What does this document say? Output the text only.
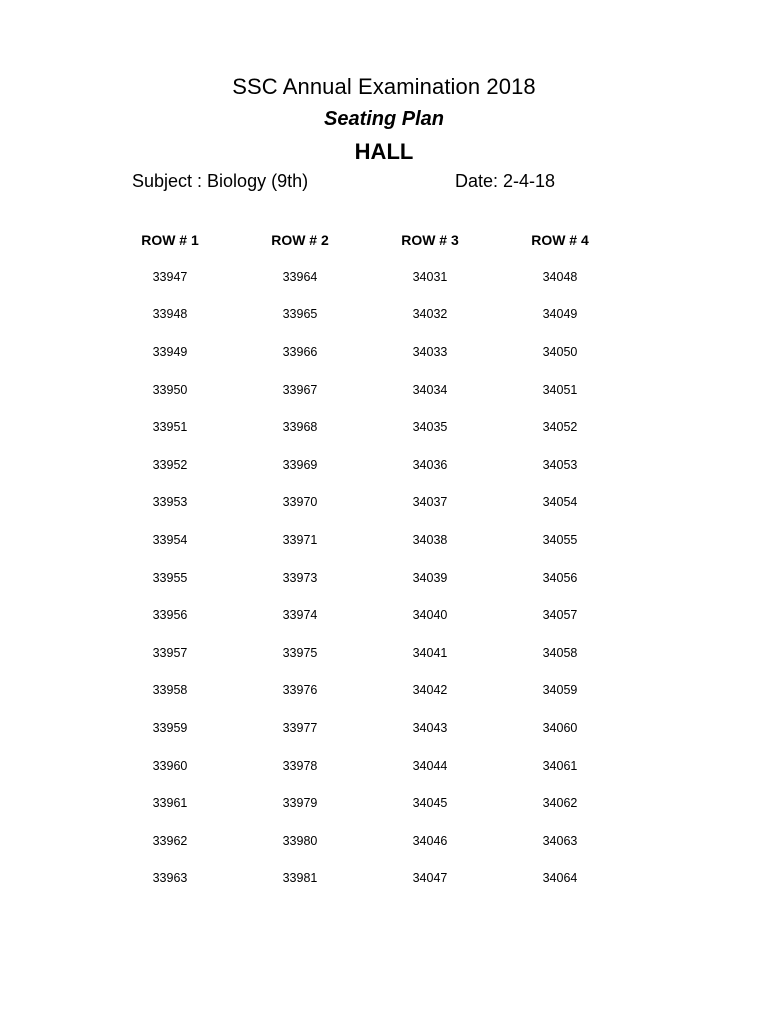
SSC Annual Examination 2018
Seating Plan
HALL
Subject : Biology (9th)	Date: 2-4-18
ROW # 1	ROW # 2	ROW # 3	ROW # 4
33947	33964	34031	34048
33948	33965	34032	34049
33949	33966	34033	34050
33950	33967	34034	34051
33951	33968	34035	34052
33952	33969	34036	34053
33953	33970	34037	34054
33954	33971	34038	34055
33955	33973	34039	34056
33956	33974	34040	34057
33957	33975	34041	34058
33958	33976	34042	34059
33959	33977	34043	34060
33960	33978	34044	34061
33961	33979	34045	34062
33962	33980	34046	34063
33963	33981	34047	34064
